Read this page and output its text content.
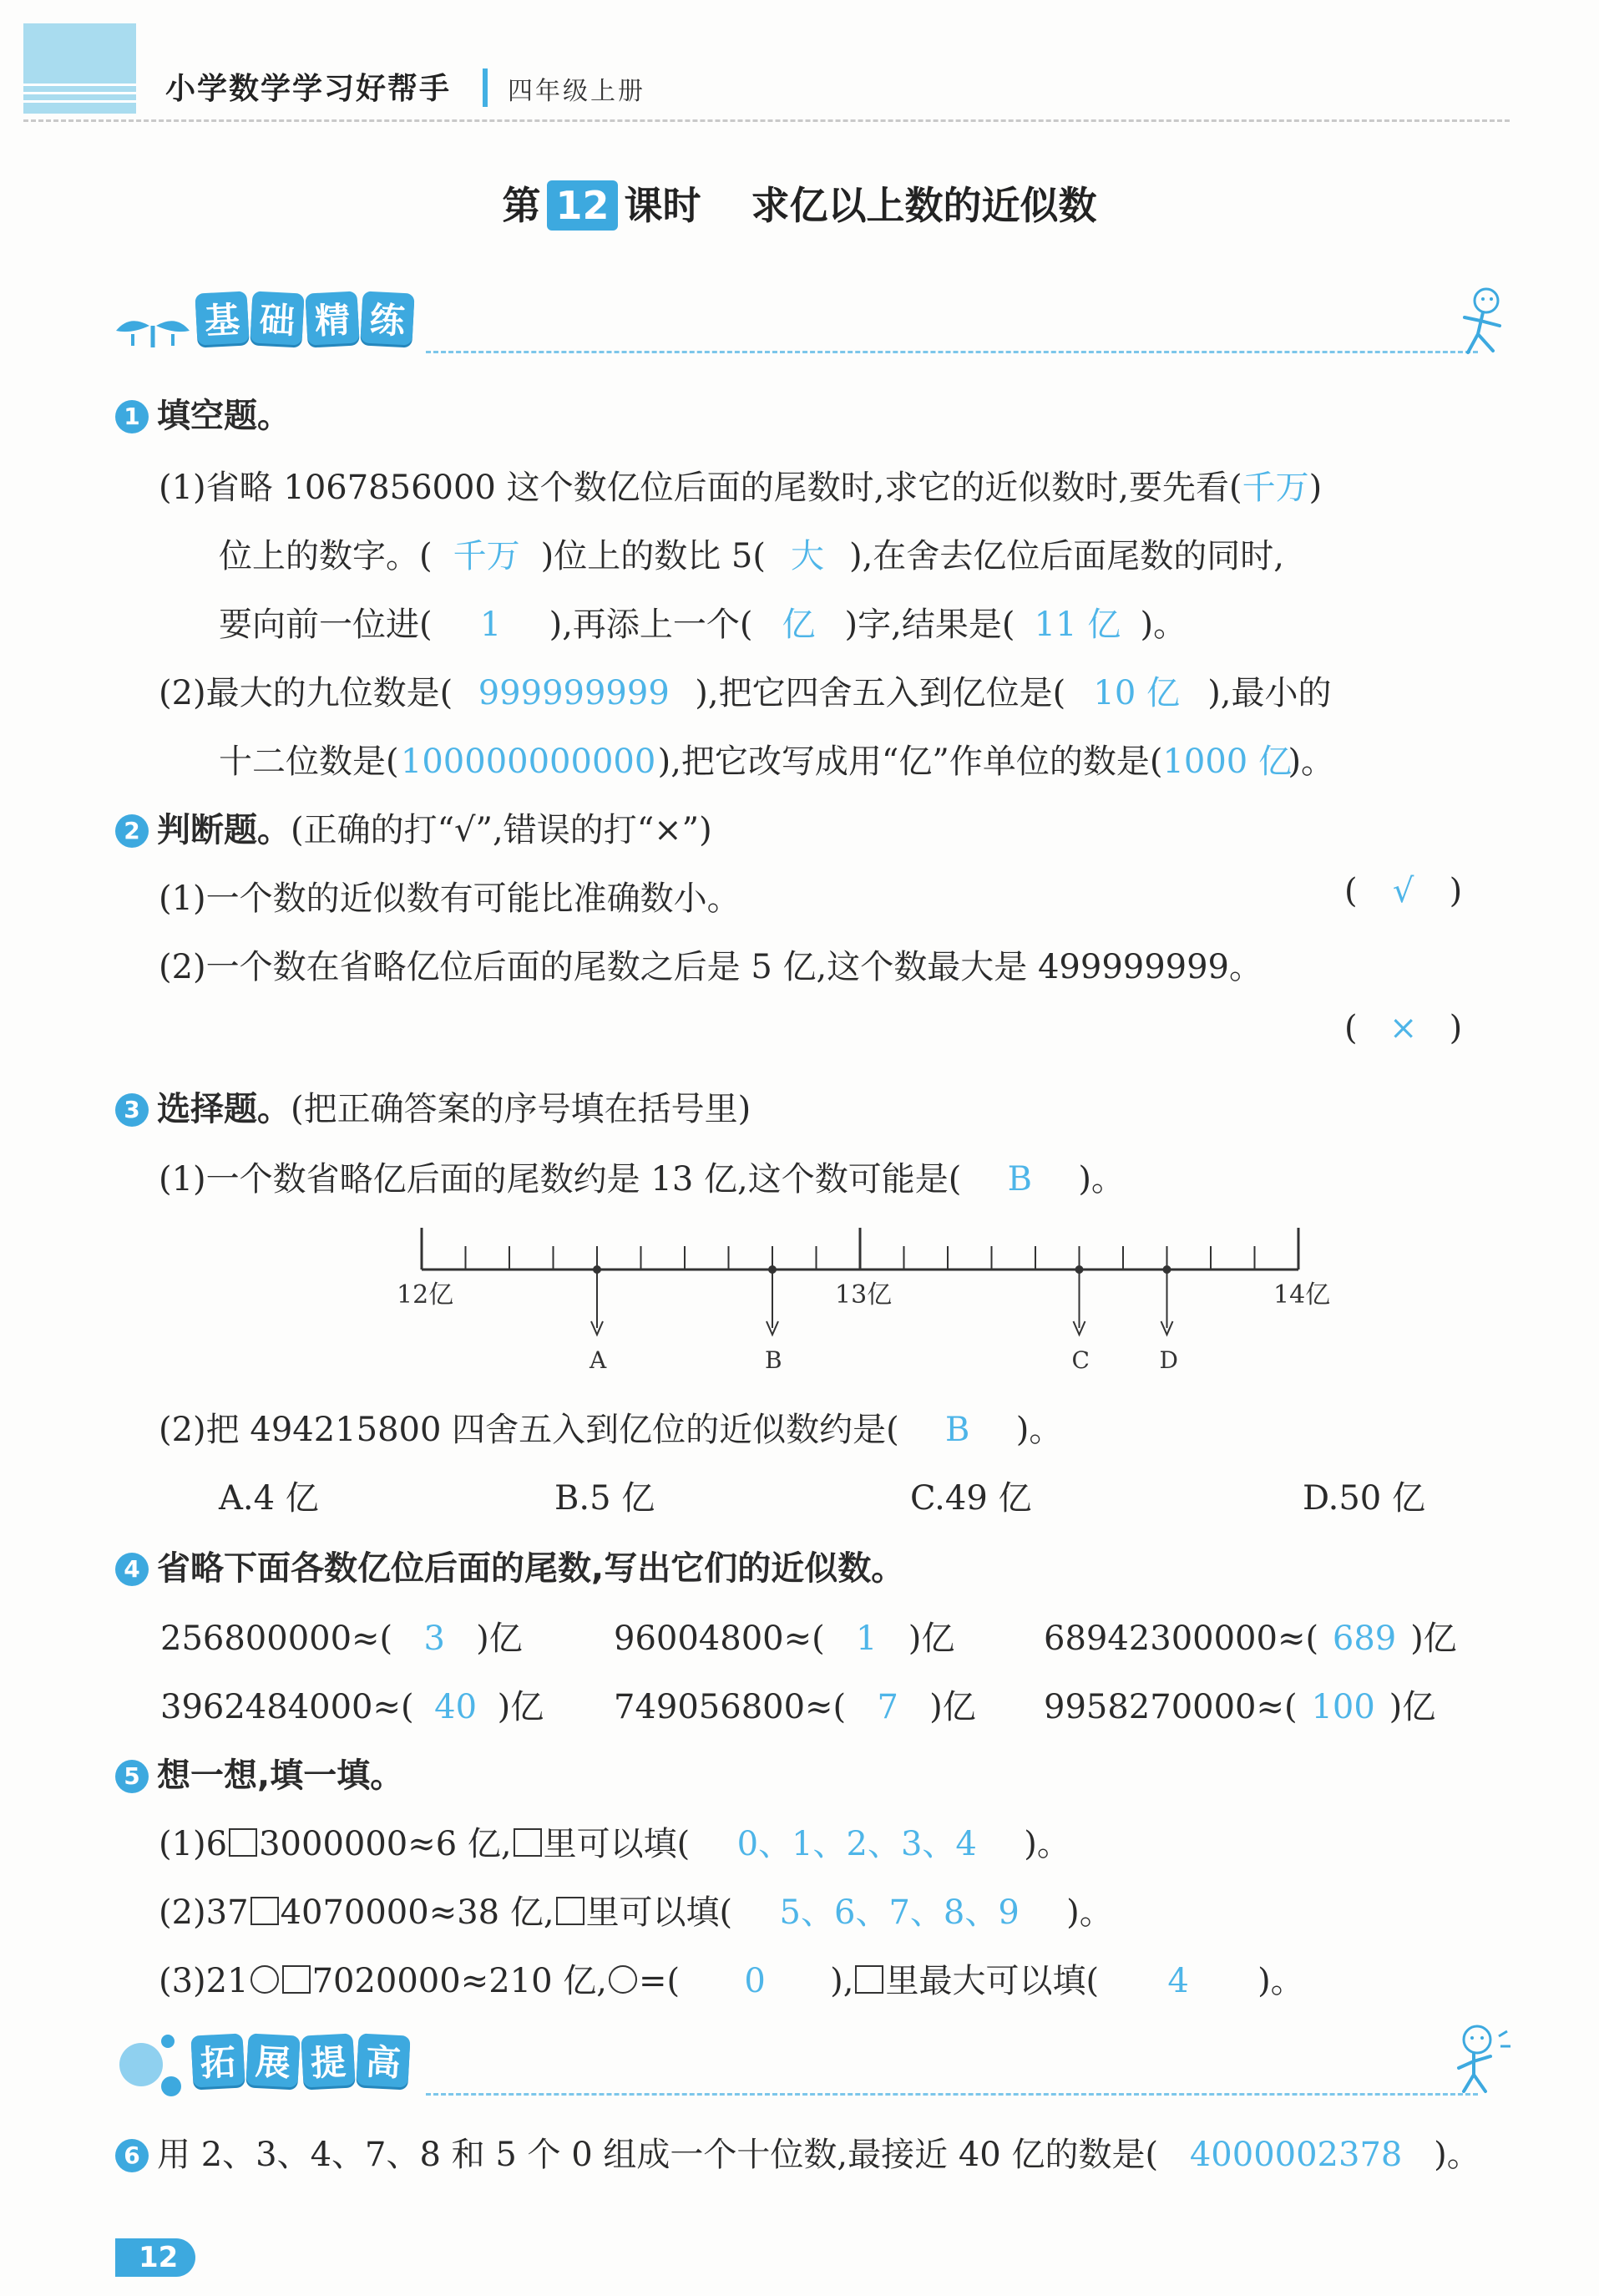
小学数学学习好帮手 四年级上册
第 12 课时 求亿以上数的近似数
基 础 精 练
1 填空题。
(1)省略 1067856000 这个数亿位后面的尾数时,求它的近似数时,要先看(千万)
位上的数字。( 千万 )位上的数比 5( 大 ),在舍去亿位后面尾数的同时,
要向前一位进( 1 ),再添上一个( 亿 )字,结果是( 11 亿 )。
(2)最大的九位数是( 999999999 ),把它四舍五入到亿位是( 10 亿 ),最小的
十二位数是(100000000000),把它改写成用“亿”作单位的数是(1000 亿)。
2 判断题。(正确的打“√”,错误的打“×”)
(1)一个数的近似数有可能比准确数小。	( √ )
(2)一个数在省略亿位后面的尾数之后是 5 亿,这个数最大是 499999999。
( × )
3 选择题。(把正确答案的序号填在括号里)
(1)一个数省略亿后面的尾数约是 13 亿,这个数可能是( B )。
12亿	13亿	14亿
A	B	C	D
(2)把 494215800 四舍五入到亿位的近似数约是( B )。
A.4 亿	B.5 亿	C.49 亿	D.50 亿
4 省略下面各数亿位后面的尾数,写出它们的近似数。
256800000≈( 3 )亿	96004800≈( 1 )亿	68942300000≈( 689 )亿
3962484000≈( 40 )亿 749056800≈( 7 )亿 9958270000≈( 100 )亿
5 想一想,填一填。
(1)6 3000000≈6 亿, 里可以填( 0、1、2、3、4 )。
(2)37 4070000≈38 亿, 里可以填( 5、6、7、8、9 )。
(3)21 7020000≈210 亿, =( 0 ), 里最大可以填( 4 )。
拓 展 提 高
6 用 2、3、4、7、8 和 5 个 0 组成一个十位数,最接近 40 亿的数是( 4000002378 )。
12
